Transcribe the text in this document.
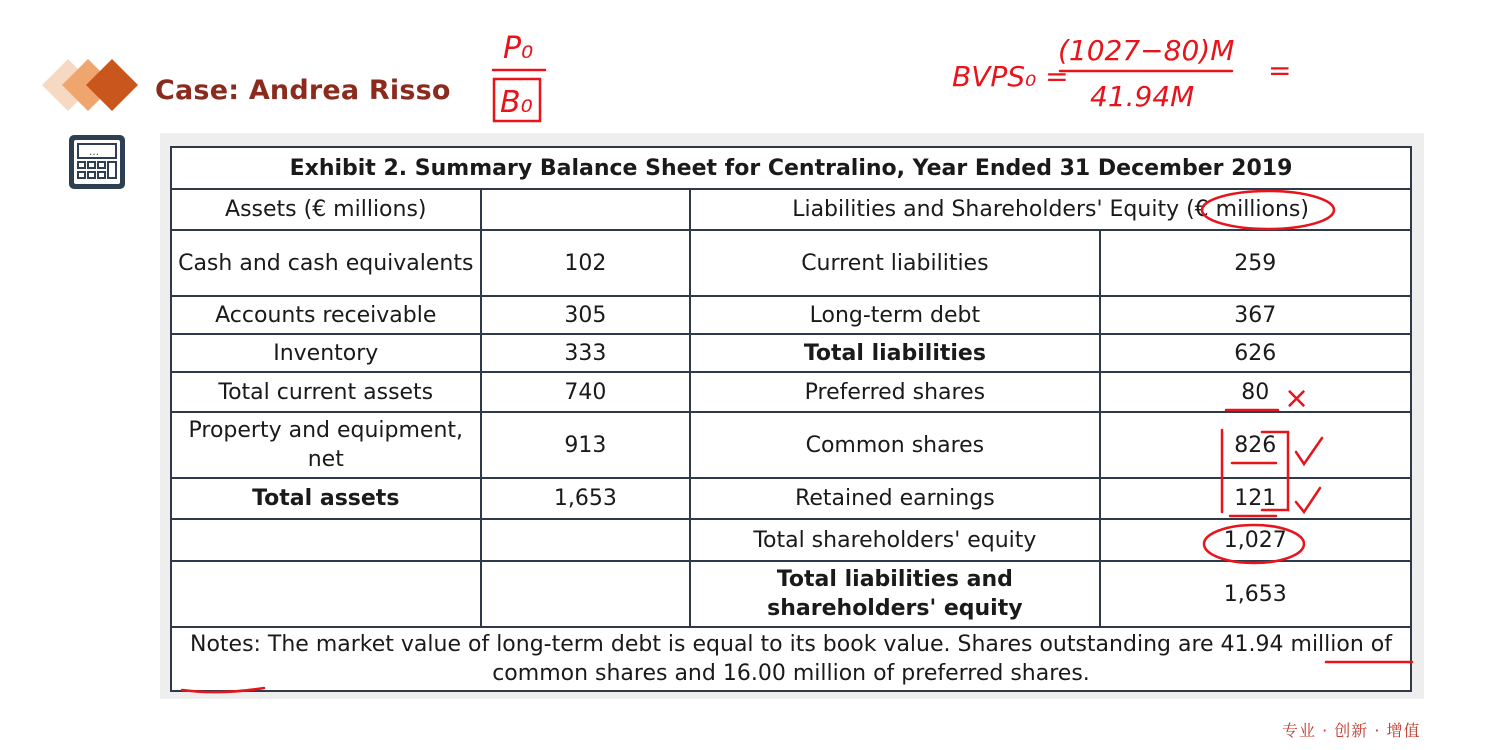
Case: Andrea Risso
…
Exhibit 2. Summary Balance Sheet for Centralino, Year Ended 31 December 2019			
Assets (€ millions)		Liabilities and Shareholders' Equity (€ millions)	
Cash and cash equivalents	102	Current liabilities	259
Accounts receivable	305	Long-term debt	367
Inventory	333	Total liabilities	626
Total current assets	740	Preferred shares	80
Property and equipment, net	913	Common shares	826
Total assets	1,653	Retained earnings	121
		Total shareholders' equity	1,027
		Total liabilities and shareholders' equity	1,653
Notes: The market value of long-term debt is equal to its book value. Shares outstanding are 41.94 million of common shares and 16.00 million of preferred shares.			
P₀
B₀
BVPS₀ =
(1027−80)M
41.94M
=
×
专业 · 创新 · 增值
